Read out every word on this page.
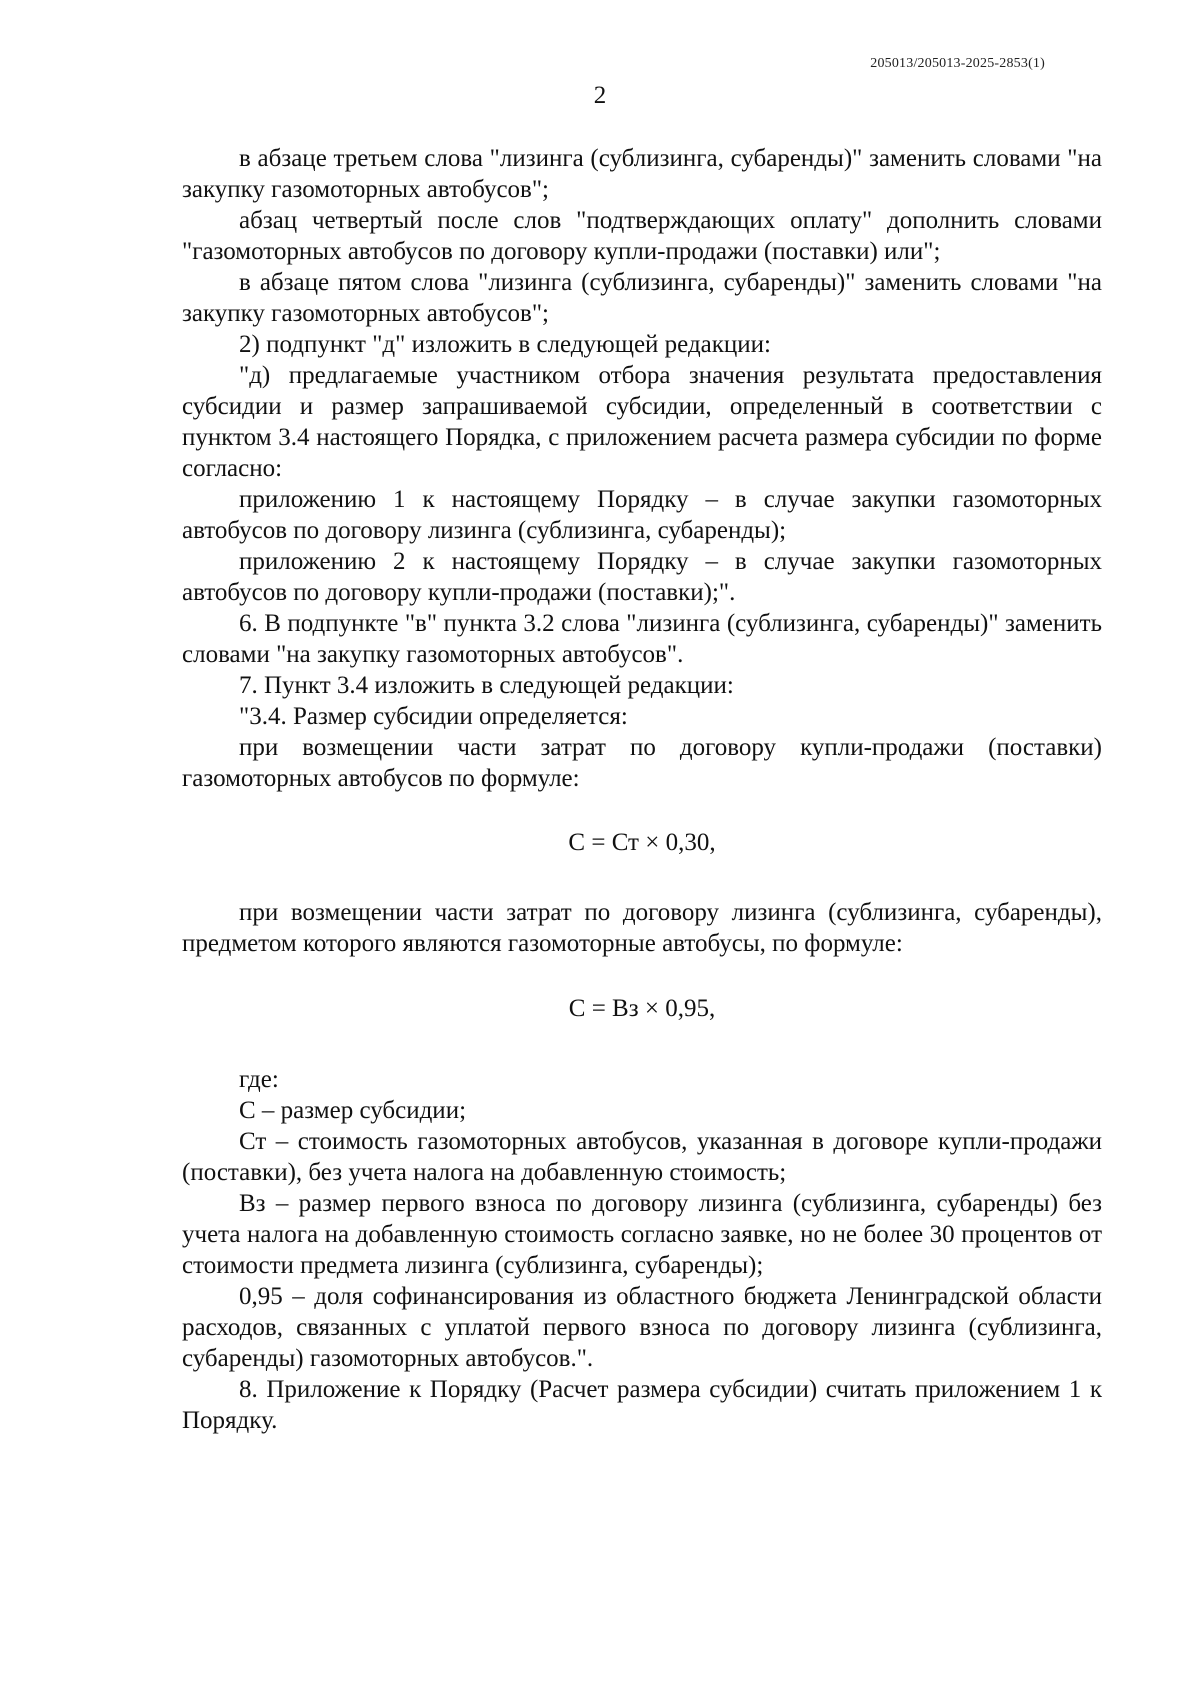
205013/205013-2025-2853(1)
2

в абзаце третьем слова "лизинга (сублизинга, субаренды)" заменить словами "на закупку газомоторных автобусов";

абзац четвертый после слов "подтверждающих оплату" дополнить словами "газомоторных автобусов по договору купли-продажи (поставки) или";

в абзаце пятом слова "лизинга (сублизинга, субаренды)" заменить словами "на закупку газомоторных автобусов";

2) подпункт "д" изложить в следующей редакции:

"д) предлагаемые участником отбора значения результата предоставления субсидии и размер запрашиваемой субсидии, определенный в соответствии с пунктом 3.4 настоящего Порядка, с приложением расчета размера субсидии по форме согласно:

приложению 1 к настоящему Порядку – в случае закупки газомоторных автобусов по договору лизинга (сублизинга, субаренды);

приложению 2 к настоящему Порядку – в случае закупки газомоторных автобусов по договору купли-продажи (поставки);".

6. В подпункте "в" пункта 3.2 слова "лизинга (сублизинга, субаренды)" заменить словами "на закупку газомоторных автобусов".

7. Пункт 3.4 изложить в следующей редакции:

"3.4. Размер субсидии определяется:

при возмещении части затрат по договору купли-продажи (поставки) газомоторных автобусов по формуле:

С = Ст × 0,30,

при возмещении части затрат по договору лизинга (сублизинга, субаренды), предметом которого являются газомоторные автобусы, по формуле:

С = Вз × 0,95,

где:

С – размер субсидии;

Ст – стоимость газомоторных автобусов, указанная в договоре купли-продажи (поставки), без учета налога на добавленную стоимость;

Вз – размер первого взноса по договору лизинга (сублизинга, субаренды) без учета налога на добавленную стоимость согласно заявке, но не более 30 процентов от стоимости предмета лизинга (сублизинга, субаренды);

0,95 – доля софинансирования из областного бюджета Ленинградской области расходов, связанных с уплатой первого взноса по договору лизинга (сублизинга, субаренды) газомоторных автобусов.".

8. Приложение к Порядку (Расчет размера субсидии) считать приложением 1 к Порядку.
